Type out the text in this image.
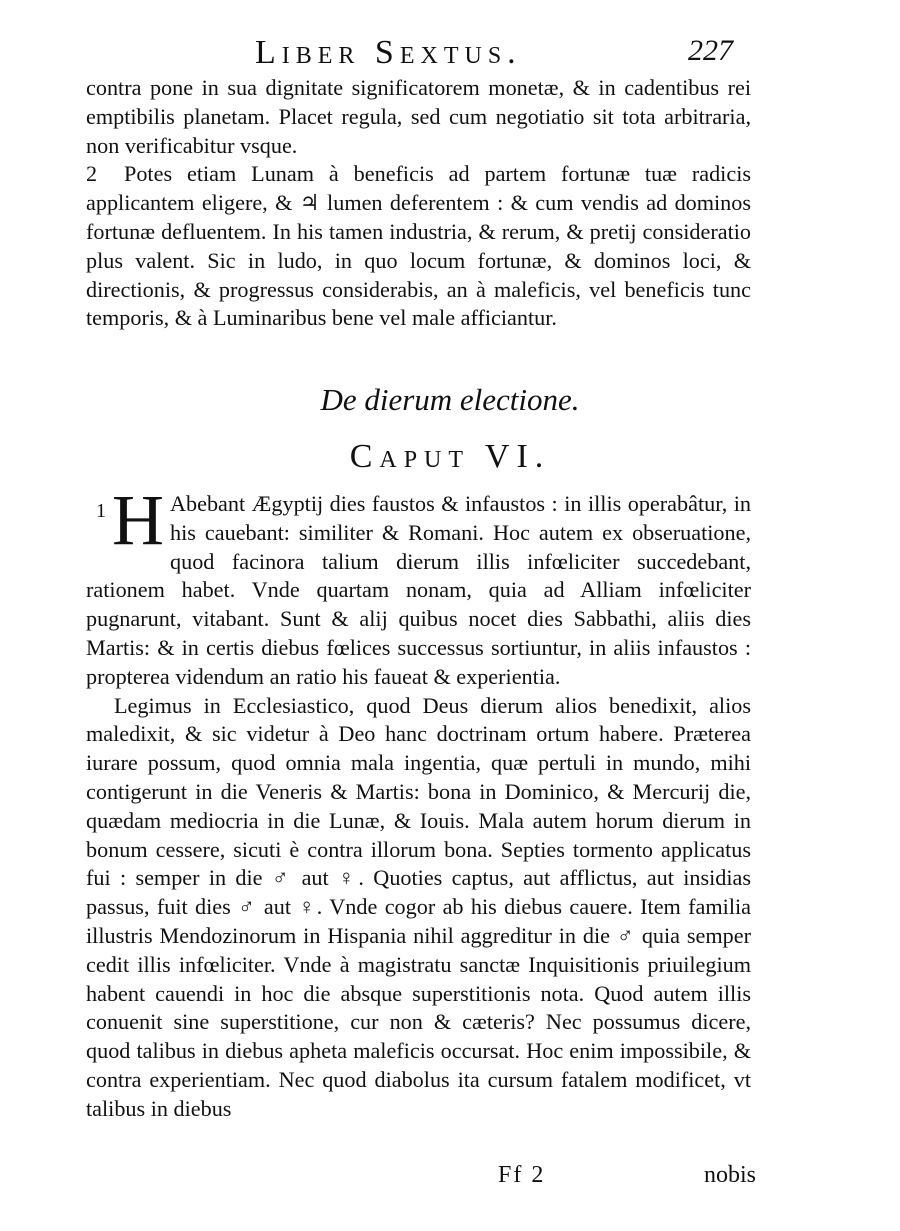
Liber Sextus.	227

contra pone in sua dignitate significatorem monetæ, & in cadentibus rei emptibilis planetam. Placet regula, sed cum negotiatio sit tota arbitraria, non verificabitur vsque.

2 Potes etiam Lunam à beneficis ad partem fortunæ tuæ radicis applicantem eligere, & ♃ lumen deferentem : & cum vendis ad dominos fortunæ defluentem. In his tamen industria, & rerum, & pretij consideratio plus valent. Sic in ludo, in quo locum fortunæ, & dominos loci, & directionis, & progressus considerabis, an à maleficis, vel beneficis tunc temporis, & à Luminaribus bene vel male afficiantur.

De dierum electione.
Caput VI.
1 H Abebant Ægyptij dies faustos & infaustos : in illis operabâtur, in his cauebant: similiter & Romani. Hoc autem ex obseruatione, quod facinora talium dierum illis infœliciter succedebant, rationem habet. Vnde quartam nonam, quia ad Alliam infœliciter pugnarunt, vitabant. Sunt & alij quibus nocet dies Sabbathi, aliis dies Martis: & in certis diebus fœlices successus sortiuntur, in aliis infaustos : propterea videndum an ratio his faueat & experientia.

Legimus in Ecclesiastico, quod Deus dierum alios benedixit, alios maledixit, & sic videtur à Deo hanc doctrinam ortum habere. Præterea iurare possum, quod omnia mala ingentia, quæ pertuli in mundo, mihi contigerunt in die Veneris & Martis: bona in Dominico, & Mercurij die, quædam mediocria in die Lunæ, & Iouis. Mala autem horum dierum in bonum cessere, sicuti è contra illorum bona. Septies tormento applicatus fui : semper in die ♂ aut ♀. Quoties captus, aut afflictus, aut insidias passus, fuit dies ♂ aut ♀. Vnde cogor ab his diebus cauere. Item familia illustris Mendozinorum in Hispania nihil aggreditur in die ♂ quia semper cedit illis infœliciter. Vnde à magistratu sanctæ Inquisitionis priuilegium habent cauendi in hoc die absque superstitionis nota. Quod autem illis conuenit sine superstitione, cur non & cæteris? Nec possumus dicere, quod talibus in diebus apheta maleficis occursat. Hoc enim impossibile, & contra experientiam. Nec quod diabolus ita cursum fatalem modificet, vt talibus in diebus

Ff 2	nobis
